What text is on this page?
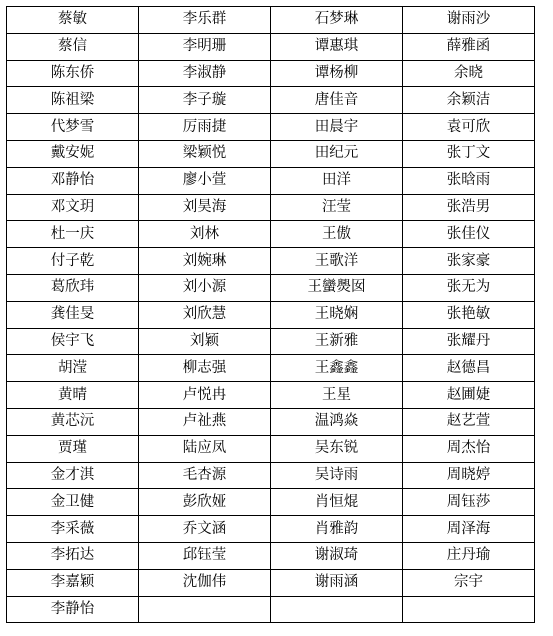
蔡敏	李乐群	石梦琳	谢雨沙
蔡信	李明珊	谭惠琪	薛雅函
陈东侨	李淑静	谭杨柳	余晓
陈祖梁	李子璇	唐佳音	余颖洁
代梦雪	厉雨捷	田晨宇	袁可欣
戴安妮	梁颖悦	田纪元	张丁文
邓静怡	廖小萱	田洋	张晗雨
邓文玥	刘昊海	汪莹	张浩男
杜一庆	刘林	王傲	张佳仪
付子乾	刘婉琳	王歌洋	张家豪
葛欣玮	刘小源	王蠻爂囡	张无为
龚佳旻	刘欣慧	王晓娴	张艳敏
侯宇飞	刘颖	王新雅	张耀丹
胡滢	柳志强	王鑫鑫	赵德昌
黄晴	卢悦冉	王星	赵圃婕
黄芯沅	卢祉燕	温鸿焱	赵艺萱
贾瑾	陆应凤	吴东锐	周杰怡
金才淇	毛杏源	吴诗雨	周晓婷
金卫健	彭欣娅	肖恒焜	周钰莎
李采薇	乔文涵	肖雅韵	周泽海
李拓达	邱钰莹	谢淑琦	庄丹瑜
李嘉颖	沈伽伟	谢雨涵	宗宇
李静怡			
